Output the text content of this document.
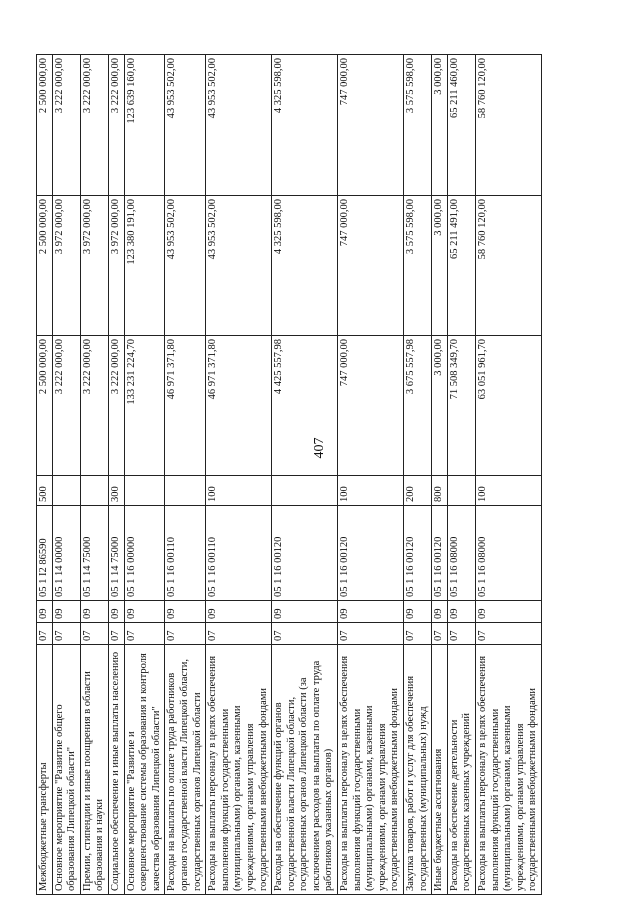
407
Межбюджетные трансферты	07	09	05 1 I2 86590	500	2 500 000,00	2 500 000,00	2 500 000,00
Основное мероприятие "Развитие общего образования Липецкой области"	07	09	05 1 14 00000		3 222 000,00	3 972 000,00	3 222 000,00
Премии, стипендии и иные поощрения в области образования и науки	07	09	05 1 14 75000		3 222 000,00	3 972 000,00	3 222 000,00
Социальное обеспечение и иные выплаты населению	07	09	05 1 14 75000	300	3 222 000,00	3 972 000,00	3 222 000,00
Основное мероприятие "Развитие и совершенствование системы образования и контроля качества образования Липецкой области"	07	09	05 1 16 00000		133 231 224,70	123 380 191,00	123 639 160,00
Расходы на выплаты по оплате труда работников органов государственной власти Липецкой области, государственных органов Липецкой области	07	09	05 1 16 00110		46 971 371,80	43 953 502,00	43 953 502,00
Расходы на выплаты персоналу в целях обеспечения выполнения функций государственными (муниципальными) органами, казенными учреждениями, органами управления государственными внебюджетными фондами	07	09	05 1 16 00110	100	46 971 371,80	43 953 502,00	43 953 502,00
Расходы на обеспечение функций органов государственной власти Липецкой области, государственных органов Липецкой области (за исключением расходов на выплаты по оплате труда работников указанных органов)	07	09	05 1 16 00120		4 425 557,98	4 325 598,00	4 325 598,00
Расходы на выплаты персоналу в целях обеспечения выполнения функций государственными (муниципальными) органами, казенными учреждениями, органами управления государственными внебюджетными фондами	07	09	05 1 16 00120	100	747 000,00	747 000,00	747 000,00
Закупка товаров, работ и услуг для обеспечения государственных (муниципальных) нужд	07	09	05 1 16 00120	200	3 675 557,98	3 575 598,00	3 575 598,00
Иные бюджетные ассигнования	07	09	05 1 16 00120	800	3 000,00	3 000,00	3 000,00
Расходы на обеспечение деятельности государственных казенных учреждений	07	09	05 1 16 08000		71 508 349,70	65 211 491,00	65 211 460,00
Расходы на выплаты персоналу в целях обеспечения выполнения функций государственными (муниципальными) органами, казенными учреждениями, органами управления государственными внебюджетными фондами	07	09	05 1 16 08000	100	63 051 961,70	58 760 120,00	58 760 120,00
